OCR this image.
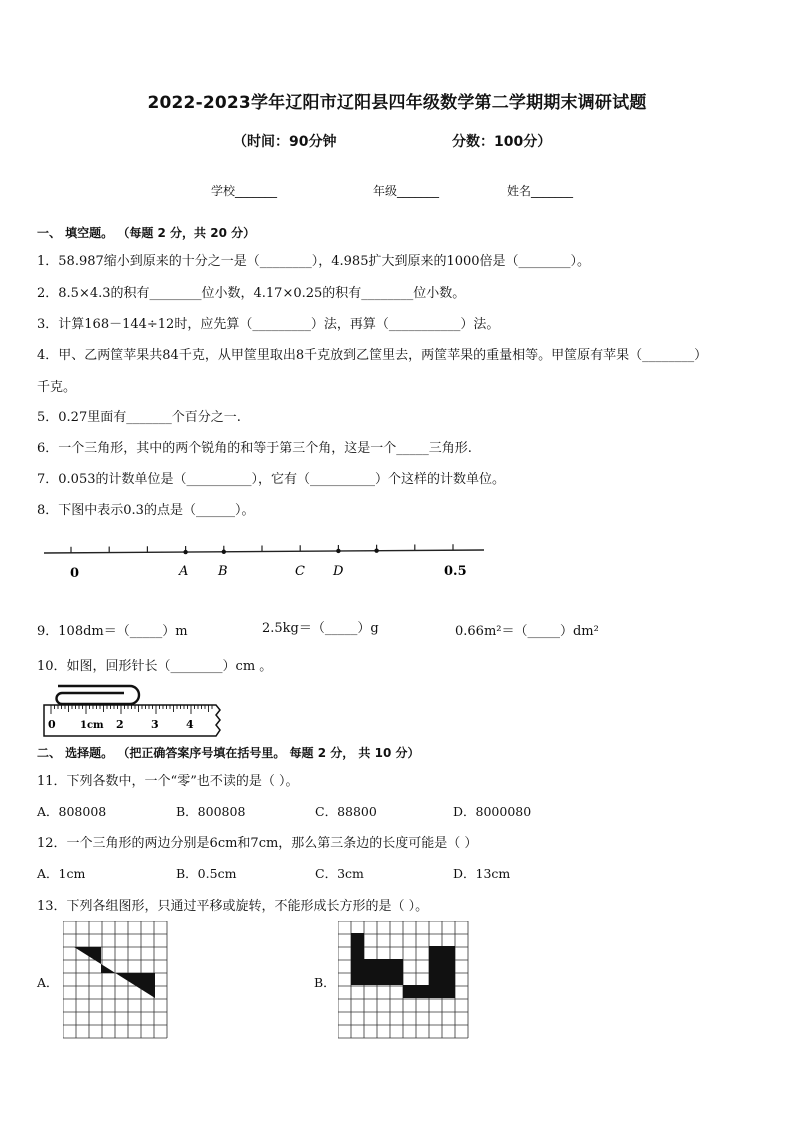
2022-2023学年辽阳市辽阳县四年级数学第二学期期末调研试题
（时间：90分钟	分数：100分）
学校_______	年级_______	姓名_______
一、 填空题。 （每题 2 分，共 20 分）
1．58.987缩小到原来的十分之一是（________），4.985扩大到原来的1000倍是（________）。
2．8.5×4.3的积有________位小数，4.17×0.25的积有________位小数。
3．计算168－144÷12时，应先算（_________）法，再算（___________）法。
4．甲、乙两筐苹果共84千克，从甲筐里取出8千克放到乙筐里去，两筐苹果的重量相等。甲筐原有苹果（________）
千克。
5．0.27里面有_______个百分之一.
6．一个三角形，其中的两个锐角的和等于第三个角，这是一个_____三角形.
7．0.053的计数单位是（__________），它有（__________）个这样的计数单位。
8．下图中表示0.3的点是（______）。
0	A B	C D	0.5
9．108dm＝（_____）m	2.5kg＝（_____）g	0.66m²＝（_____）dm²
10．如图，回形针长（________）cm 。
0 1cm 2 3 4
二、 选择题。 （把正确答案序号填在括号里。 每题 2 分， 共 10 分）
11．下列各数中，一个“零”也不读的是（ ）。
A．808008	B．800808	C．88800	D．8000080
12．一个三角形的两边分别是6cm和7cm，那么第三条边的长度可能是（ ）
A．1cm	B．0.5cm	C．3cm	D．13cm
13．下列各组图形，只通过平移或旋转，不能形成长方形的是（ ）。
A．	B．
